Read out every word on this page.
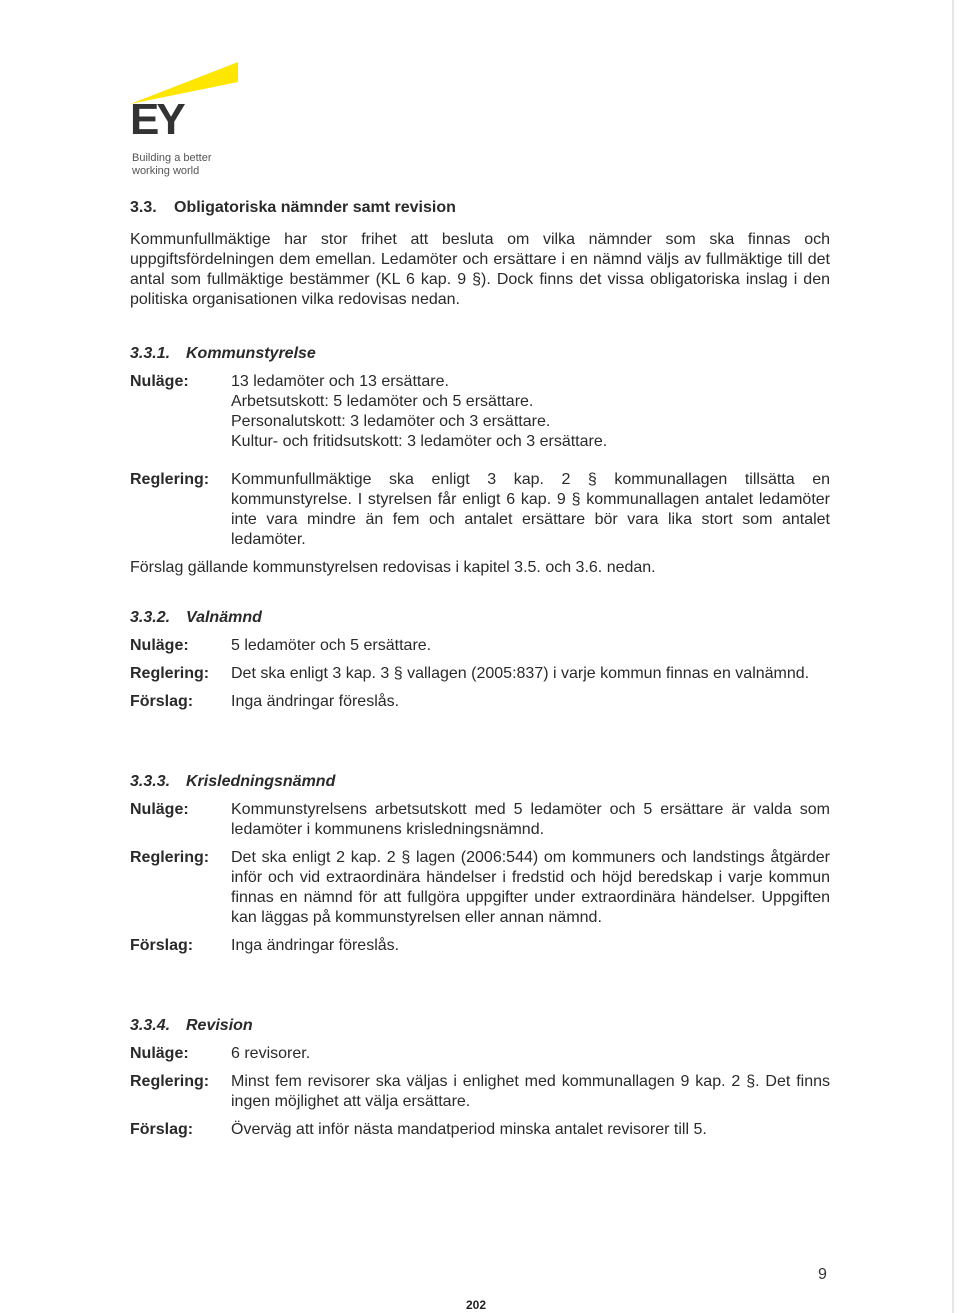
EY
Building a better
working world
3.3. Obligatoriska nämnder samt revision

Kommunfullmäktige har stor frihet att besluta om vilka nämnder som ska finnas och uppgiftsfördelningen dem emellan. Ledamöter och ersättare i en nämnd väljs av fullmäktige till det antal som fullmäktige bestämmer (KL 6 kap. 9 §). Dock finns det vissa obligatoriska inslag i den politiska organisationen vilka redovisas nedan.

3.3.1. Kommunstyrelse
Nuläge:	13 ledamöter och 13 ersättare.
Arbetsutskott: 5 ledamöter och 5 ersättare.
Personalutskott: 3 ledamöter och 3 ersättare.
Kultur- och fritidsutskott: 3 ledamöter och 3 ersättare.
Reglering:	Kommunfullmäktige ska enligt 3 kap. 2 § kommunallagen tillsätta en kommunstyrelse. I styrelsen får enligt 6 kap. 9 § kommunallagen antalet ledamöter inte vara mindre än fem och antalet ersättare bör vara lika stort som antalet ledamöter.

Förslag gällande kommunstyrelsen redovisas i kapitel 3.5. och 3.6. nedan.

3.3.2. Valnämnd
Nuläge:	5 ledamöter och 5 ersättare.
Reglering:	Det ska enligt 3 kap. 3 § vallagen (2005:837) i varje kommun finnas en valnämnd.
Förslag:	Inga ändringar föreslås.
3.3.3. Krisledningsnämnd
Nuläge:	Kommunstyrelsens arbetsutskott med 5 ledamöter och 5 ersättare är valda som ledamöter i kommunens krisledningsnämnd.
Reglering:	Det ska enligt 2 kap. 2 § lagen (2006:544) om kommuners och landstings åtgärder inför och vid extraordinära händelser i fredstid och höjd beredskap i varje kommun finnas en nämnd för att fullgöra uppgifter under extraordinära händelser. Uppgiften kan läggas på kommunstyrelsen eller annan nämnd.
Förslag:	Inga ändringar föreslås.
3.3.4. Revision
Nuläge:	6 revisorer.
Reglering:	Minst fem revisorer ska väljas i enlighet med kommunallagen 9 kap. 2 §. Det finns ingen möjlighet att välja ersättare.
Förslag:	Överväg att inför nästa mandatperiod minska antalet revisorer till 5.
9
202
